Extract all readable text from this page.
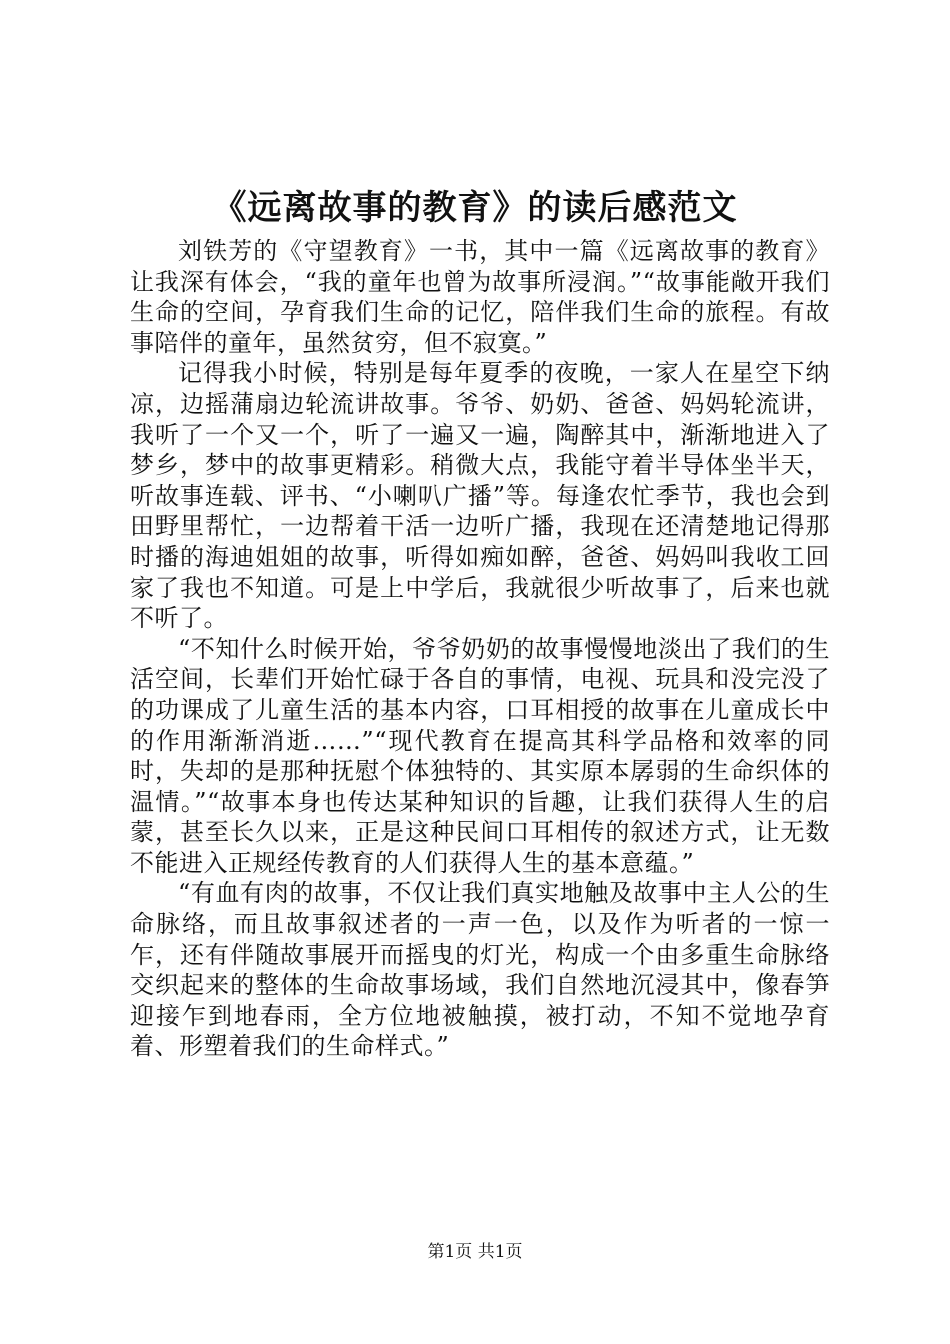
《远离故事的教育》的读后感范文

刘铁芳的《守望教育》一书，其中一篇《远离故事的教育》让我深有体会，“我的童年也曾为故事所浸润。”“故事能敞开我们生命的空间，孕育我们生命的记忆，陪伴我们生命的旅程。有故事陪伴的童年，虽然贫穷，但不寂寞。”

记得我小时候，特别是每年夏季的夜晚，一家人在星空下纳凉，边摇蒲扇边轮流讲故事。爷爷、奶奶、爸爸、妈妈轮流讲，我听了一个又一个，听了一遍又一遍，陶醉其中，渐渐地进入了梦乡，梦中的故事更精彩。稍微大点，我能守着半导体坐半天，听故事连载、评书、“小喇叭广播”等。每逢农忙季节，我也会到田野里帮忙，一边帮着干活一边听广播，我现在还清楚地记得那时播的海迪姐姐的故事，听得如痴如醉，爸爸、妈妈叫我收工回家了我也不知道。可是上中学后，我就很少听故事了，后来也就不听了。

“不知什么时候开始，爷爷奶奶的故事慢慢地淡出了我们的生活空间，长辈们开始忙碌于各自的事情，电视、玩具和没完没了的功课成了儿童生活的基本内容，口耳相授的故事在儿童成长中的作用渐渐消逝……”“现代教育在提高其科学品格和效率的同时，失却的是那种抚慰个体独特的、其实原本孱弱的生命织体的温情。”“故事本身也传达某种知识的旨趣，让我们获得人生的启蒙，甚至长久以来，正是这种民间口耳相传的叙述方式，让无数不能进入正规经传教育的人们获得人生的基本意蕴。”

“有血有肉的故事，不仅让我们真实地触及故事中主人公的生命脉络，而且故事叙述者的一声一色，以及作为听者的一惊一乍，还有伴随故事展开而摇曳的灯光，构成一个由多重生命脉络交织起来的整体的生命故事场域，我们自然地沉浸其中，像春笋迎接乍到地春雨，全方位地被触摸，被打动，不知不觉地孕育着、形塑着我们的生命样式。”

第1页 共1页
